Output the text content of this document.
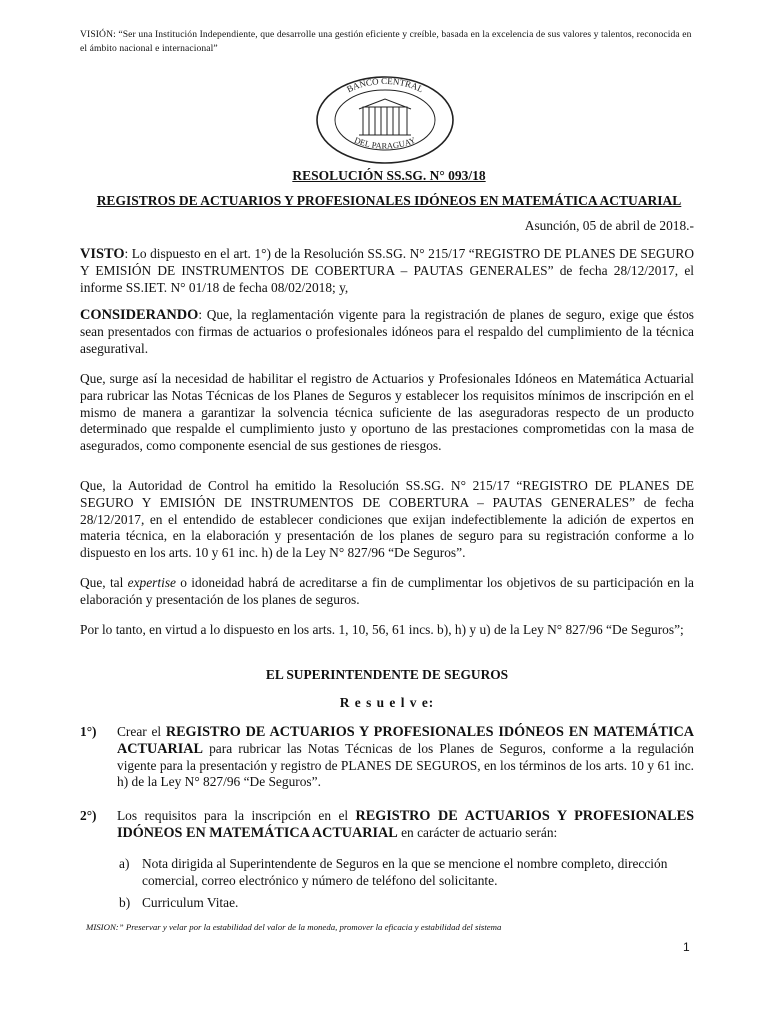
VISIÓN: “Ser una Institución Independiente, que desarrolle una gestión eficiente y creíble, basada en la excelencia de sus valores y talentos, reconocida en el ámbito nacional e internacional”
BANCO CENTRAL
DEL PARAGUAY
RESOLUCIÓN SS.SG. N° 093/18
REGISTROS DE ACTUARIOS Y PROFESIONALES IDÓNEOS EN MATEMÁTICA ACTUARIAL
Asunción, 05 de abril de 2018.-
VISTO: Lo dispuesto en el art. 1°) de la Resolución SS.SG. N° 215/17 “REGISTRO DE PLANES DE SEGURO Y EMISIÓN DE INSTRUMENTOS DE COBERTURA – PAUTAS GENERALES” de fecha 28/12/2017, el informe SS.IET. N° 01/18 de fecha 08/02/2018; y,
CONSIDERANDO: Que, la reglamentación vigente para la registración de planes de seguro, exige que éstos sean presentados con firmas de actuarios o profesionales idóneos para el respaldo del cumplimiento de la técnica aseguratival.
Que, surge así la necesidad de habilitar el registro de Actuarios y Profesionales Idóneos en Matemática Actuarial para rubricar las Notas Técnicas de los Planes de Seguros y establecer los requisitos mínimos de inscripción en el mismo de manera a garantizar la solvencia técnica suficiente de las aseguradoras respecto de un producto determinado que respalde el cumplimiento justo y oportuno de las prestaciones comprometidas con la masa de asegurados, como componente esencial de sus gestiones de riesgos.
Que, la Autoridad de Control ha emitido la Resolución SS.SG. N° 215/17 “REGISTRO DE PLANES DE SEGURO Y EMISIÓN DE INSTRUMENTOS DE COBERTURA – PAUTAS GENERALES” de fecha 28/12/2017, en el entendido de establecer condiciones que exijan indefectiblemente la adición de expertos en materia técnica, en la elaboración y presentación de los planes de seguro para su registración conforme a lo dispuesto en los arts. 10 y 61 inc. h) de la Ley N° 827/96 “De Seguros”.
Que, tal expertise o idoneidad habrá de acreditarse a fin de cumplimentar los objetivos de su participación en la elaboración y presentación de los planes de seguros.
Por lo tanto, en virtud a lo dispuesto en los arts. 1, 10, 56, 61 incs. b), h) y u) de la Ley N° 827/96 “De Seguros”;
EL SUPERINTENDENTE DE SEGUROS
R e s u e l v e:
1°) Crear el REGISTRO DE ACTUARIOS Y PROFESIONALES IDÓNEOS EN MATEMÁTICA ACTUARIAL para rubricar las Notas Técnicas de los Planes de Seguros, conforme a la regulación vigente para la presentación y registro de PLANES DE SEGUROS, en los términos de los arts. 10 y 61 inc. h) de la Ley N° 827/96 “De Seguros”.
2°) Los requisitos para la inscripción en el REGISTRO DE ACTUARIOS Y PROFESIONALES IDÓNEOS EN MATEMÁTICA ACTUARIAL en carácter de actuario serán:
a) Nota dirigida al Superintendente de Seguros en la que se mencione el nombre completo, dirección comercial, correo electrónico y número de teléfono del solicitante.
b) Curriculum Vitae.
MISION:” Preservar y velar por la estabilidad del valor de la moneda, promover la eficacia y estabilidad del sistema
1
